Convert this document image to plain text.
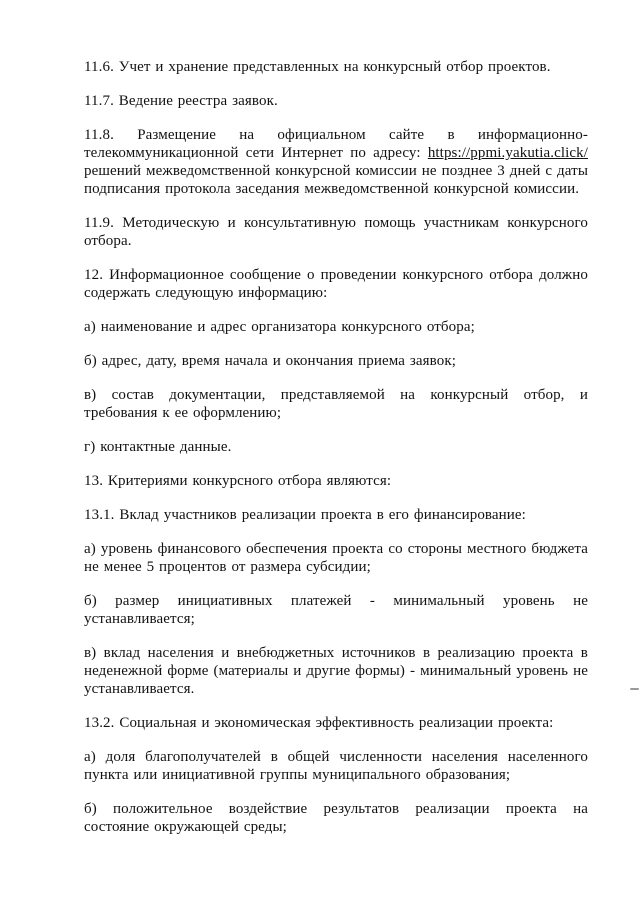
11.6. Учет и хранение представленных на конкурсный отбор проектов.

11.7. Ведение реестра заявок.

11.8. Размещение на официальном сайте в информационно-телекоммуникационной сети Интернет по адресу: https://ppmi.yakutia.click/ решений межведомственной конкурсной комиссии не позднее 3 дней с даты подписания протокола заседания межведомственной конкурсной комиссии.

11.9. Методическую и консультативную помощь участникам конкурсного отбора.

12. Информационное сообщение о проведении конкурсного отбора должно содержать следующую информацию:

а) наименование и адрес организатора конкурсного отбора;

б) адрес, дату, время начала и окончания приема заявок;

в) состав документации, представляемой на конкурсный отбор, и требования к ее оформлению;

г) контактные данные.

13. Критериями конкурсного отбора являются:

13.1. Вклад участников реализации проекта в его финансирование:

а) уровень финансового обеспечения проекта со стороны местного бюджета не менее 5 процентов от размера субсидии;

б) размер инициативных платежей - минимальный уровень не устанавливается;

в) вклад населения и внебюджетных источников в реализацию проекта в неденежной форме (материалы и другие формы) - минимальный уровень не устанавливается.

13.2. Социальная и экономическая эффективность реализации проекта:

а) доля благополучателей в общей численности населения населенного пункта или инициативной группы муниципального образования;

б) положительное воздействие результатов реализации проекта на состояние окружающей среды;
